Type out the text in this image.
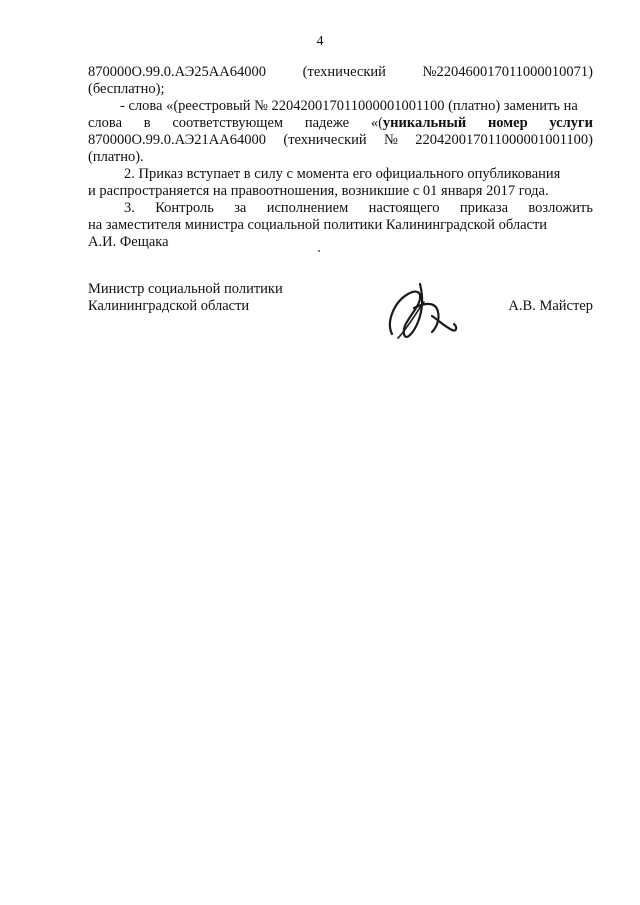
4
870000О.99.0.АЭ25АА64000	(технический	№220460017011000010071)
(бесплатно);
- слова «(реестровый № 220420017011000001001100 (платно) заменить на
слова в соответствующем падеже «(уникальный номер услуги
870000О.99.0.АЭ21АА64000 (технический № 220420017011000001001100)
(платно).
2. Приказ вступает в силу с момента его официального опубликования
и распространяется на правоотношения, возникшие с 01 января 2017 года.
3. Контроль за исполнением настоящего приказа возложить
на заместителя министра социальной политики Калининградской области
А.И. Фещака
Министр социальной политики
Калининградской области	А.В. Майстер
